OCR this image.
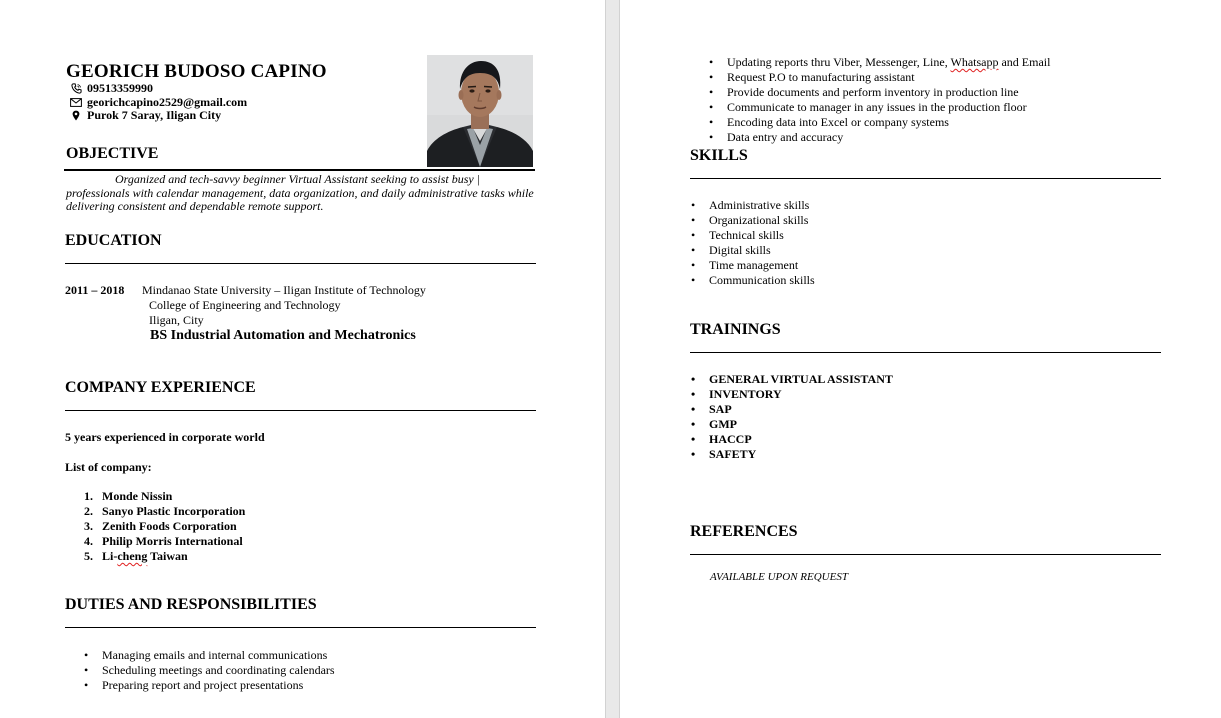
GEORICH BUDOSO CAPINO
09513359990
georichcapino2529@gmail.com
Purok 7 Saray, Iligan City
OBJECTIVE
Organized and tech-savvy beginner Virtual Assistant seeking to assist busy | professionals with calendar management, data organization, and daily administrative tasks while delivering consistent and dependable remote support.
EDUCATION
2011 – 2018 Mindanao State University – Iligan Institute of Technology
College of Engineering and Technology
Iligan, City
BS Industrial Automation and Mechatronics
COMPANY EXPERIENCE
5 years experienced in corporate world
List of company:
1. Monde Nissin
2. Sanyo Plastic Incorporation
3. Zenith Foods Corporation
4. Philip Morris International
5. Li-cheng Taiwan
DUTIES AND RESPONSIBILITIES
• Managing emails and internal communications
• Scheduling meetings and coordinating calendars
• Preparing report and project presentations
• Updating reports thru Viber, Messenger, Line, Whatsapp and Email
• Request P.O to manufacturing assistant
• Provide documents and perform inventory in production line
• Communicate to manager in any issues in the production floor
• Encoding data into Excel or company systems
• Data entry and accuracy
SKILLS
• Administrative skills
• Organizational skills
• Technical skills
• Digital skills
• Time management
• Communication skills
TRAININGS
• GENERAL VIRTUAL ASSISTANT
• INVENTORY
• SAP
• GMP
• HACCP
• SAFETY
REFERENCES
AVAILABLE UPON REQUEST
